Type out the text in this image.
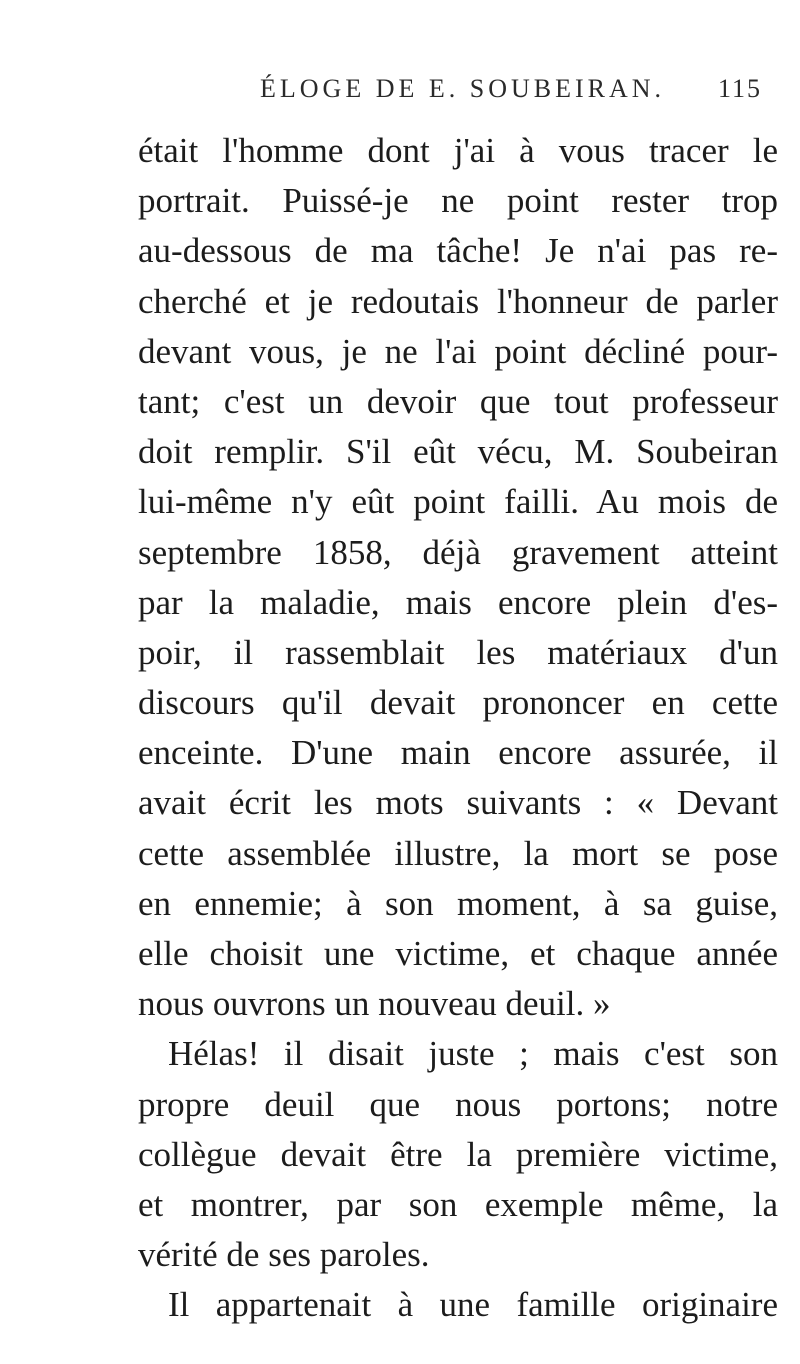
ÉLOGE DE E. SOUBEIRAN. 115
était l'homme dont j'ai à vous tracer le
portrait. Puissé-je ne point rester trop
au-dessous de ma tâche! Je n'ai pas re-
cherché et je redoutais l'honneur de parler
devant vous, je ne l'ai point décliné pour-
tant; c'est un devoir que tout professeur
doit remplir. S'il eût vécu, M. Soubeiran
lui-même n'y eût point failli. Au mois de
septembre 1858, déjà gravement atteint
par la maladie, mais encore plein d'es-
poir, il rassemblait les matériaux d'un
discours qu'il devait prononcer en cette
enceinte. D'une main encore assurée, il
avait écrit les mots suivants : « Devant
cette assemblée illustre, la mort se pose
en ennemie; à son moment, à sa guise,
elle choisit une victime, et chaque année
nous ouvrons un nouveau deuil. »
Hélas! il disait juste ; mais c'est son
propre deuil que nous portons; notre
collègue devait être la première victime,
et montrer, par son exemple même, la
vérité de ses paroles.
Il appartenait à une famille originaire
